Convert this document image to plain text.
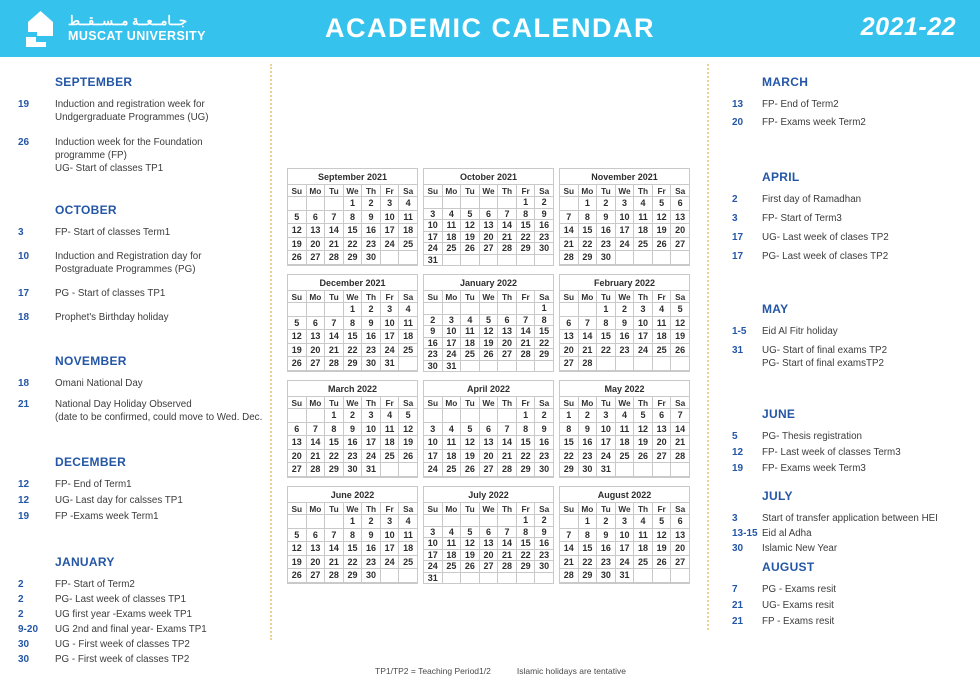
جــامــعــة مــســقــط
MUSCAT UNIVERSITY	ACADEMIC CALENDAR	2021-22
SEPTEMBER
19	Induction and registration week for
Undgergraduate Programmes (UG)
26	Induction week for the Foundation
programme (FP)
UG- Start of classes TP1
OCTOBER
3	FP- Start of classes Term1
10	Induction and Registration day for
Postgraduate Programmes (PG)
17	PG - Start of classes TP1
18	Prophet's Birthday holiday
NOVEMBER
18	Omani National Day
21	National Day Holiday Observed
(date to be confirmed, could move to Wed. Dec.
DECEMBER
12	FP- End of Term1
12	UG- Last day for calsses TP1
19	FP -Exams week Term1
JANUARY
2	FP- Start of Term2
2	PG- Last week of classes TP1
2	UG first year -Exams week TP1
9-20	UG 2nd and final year- Exams TP1
30	UG - First week of classes TP2
30	PG - First week of classes TP2
September 2021						
Su	Mo	Tu	We	Th	Fr	Sa
			1	2	3	4
5	6	7	8	9	10	11
12	13	14	15	16	17	18
19	20	21	22	23	24	25
26	27	28	29	30		

October 2021						
Su	Mo	Tu	We	Th	Fr	Sa
					1	2
3	4	5	6	7	8	9
10	11	12	13	14	15	16
17	18	19	20	21	22	23
24	25	26	27	28	29	30
31						
November 2021						
Su	Mo	Tu	We	Th	Fr	Sa
	1	2	3	4	5	6
7	8	9	10	11	12	13
14	15	16	17	18	19	20
21	22	23	24	25	26	27
28	29	30				

December 2021						
Su	Mo	Tu	We	Th	Fr	Sa
			1	2	3	4
5	6	7	8	9	10	11
12	13	14	15	16	17	18
19	20	21	22	23	24	25
26	27	28	29	30	31	

January 2022						
Su	Mo	Tu	We	Th	Fr	Sa
						1
2	3	4	5	6	7	8
9	10	11	12	13	14	15
16	17	18	19	20	21	22
23	24	25	26	27	28	29
30	31					
February 2022						
Su	Mo	Tu	We	Th	Fr	Sa
		1	2	3	4	5
6	7	8	9	10	11	12
13	14	15	16	17	18	19
20	21	22	23	24	25	26
27	28					

March 2022						
Su	Mo	Tu	We	Th	Fr	Sa
		1	2	3	4	5
6	7	8	9	10	11	12
13	14	15	16	17	18	19
20	21	22	23	24	25	26
27	28	29	30	31		

April 2022						
Su	Mo	Tu	We	Th	Fr	Sa
					1	2
3	4	5	6	7	8	9
10	11	12	13	14	15	16
17	18	19	20	21	22	23
24	25	26	27	28	29	30

May 2022						
Su	Mo	Tu	We	Th	Fr	Sa
1	2	3	4	5	6	7
8	9	10	11	12	13	14
15	16	17	18	19	20	21
22	23	24	25	26	27	28
29	30	31				

June 2022						
Su	Mo	Tu	We	Th	Fr	Sa
			1	2	3	4
5	6	7	8	9	10	11
12	13	14	15	16	17	18
19	20	21	22	23	24	25
26	27	28	29	30		

July 2022						
Su	Mo	Tu	We	Th	Fr	Sa
					1	2
3	4	5	6	7	8	9
10	11	12	13	14	15	16
17	18	19	20	21	22	23
24	25	26	27	28	29	30
31						
August 2022						
Su	Mo	Tu	We	Th	Fr	Sa
	1	2	3	4	5	6
7	8	9	10	11	12	13
14	15	16	17	18	19	20
21	22	23	24	25	26	27
28	29	30	31			

MARCH
13	FP- End of Term2
20	FP- Exams week Term2
APRIL
2	First day of Ramadhan
3	FP- Start of Term3
17	UG- Last week of clases TP2
17	PG- Last week of clases TP2
MAY
1-5	Eid Al Fitr holiday
31	UG- Start of final exams TP2
PG- Start of final examsTP2
JUNE
5	PG- Thesis registration
12	FP- Last week of classes Term3
19	FP- Exams week Term3
JULY
3	Start of transfer application between HEI
13-15 Eid al Adha
30	Islamic New Year
AUGUST
7	PG - Exams resit
21	UG- Exams resit
21	FP - Exams resit
TP1/TP2 = Teaching Period1/2	Islamic holidays are tentative
